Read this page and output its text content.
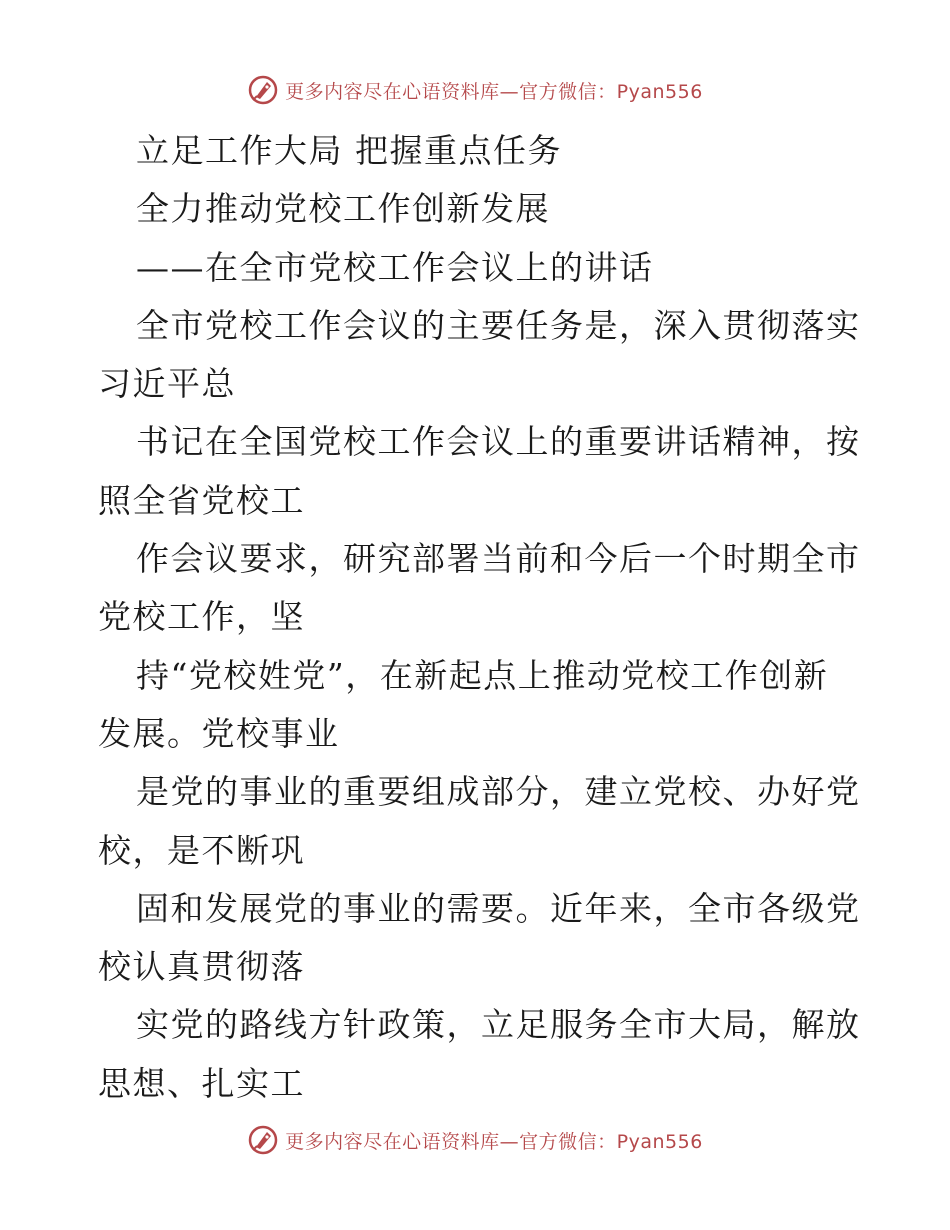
更多内容尽在心语资料库—官方微信：Pyan556
立足工作大局 把握重点任务
全力推动党校工作创新发展
——在全市党校工作会议上的讲话
全市党校工作会议的主要任务是，深入贯彻落实
习近平总
书记在全国党校工作会议上的重要讲话精神，按
照全省党校工
作会议要求，研究部署当前和今后一个时期全市
党校工作，坚
持“党校姓党”，在新起点上推动党校工作创新
发展。党校事业
是党的事业的重要组成部分，建立党校、办好党
校，是不断巩
固和发展党的事业的需要。近年来，全市各级党
校认真贯彻落
实党的路线方针政策，立足服务全市大局，解放
思想、扎实工
更多内容尽在心语资料库—官方微信：Pyan556
